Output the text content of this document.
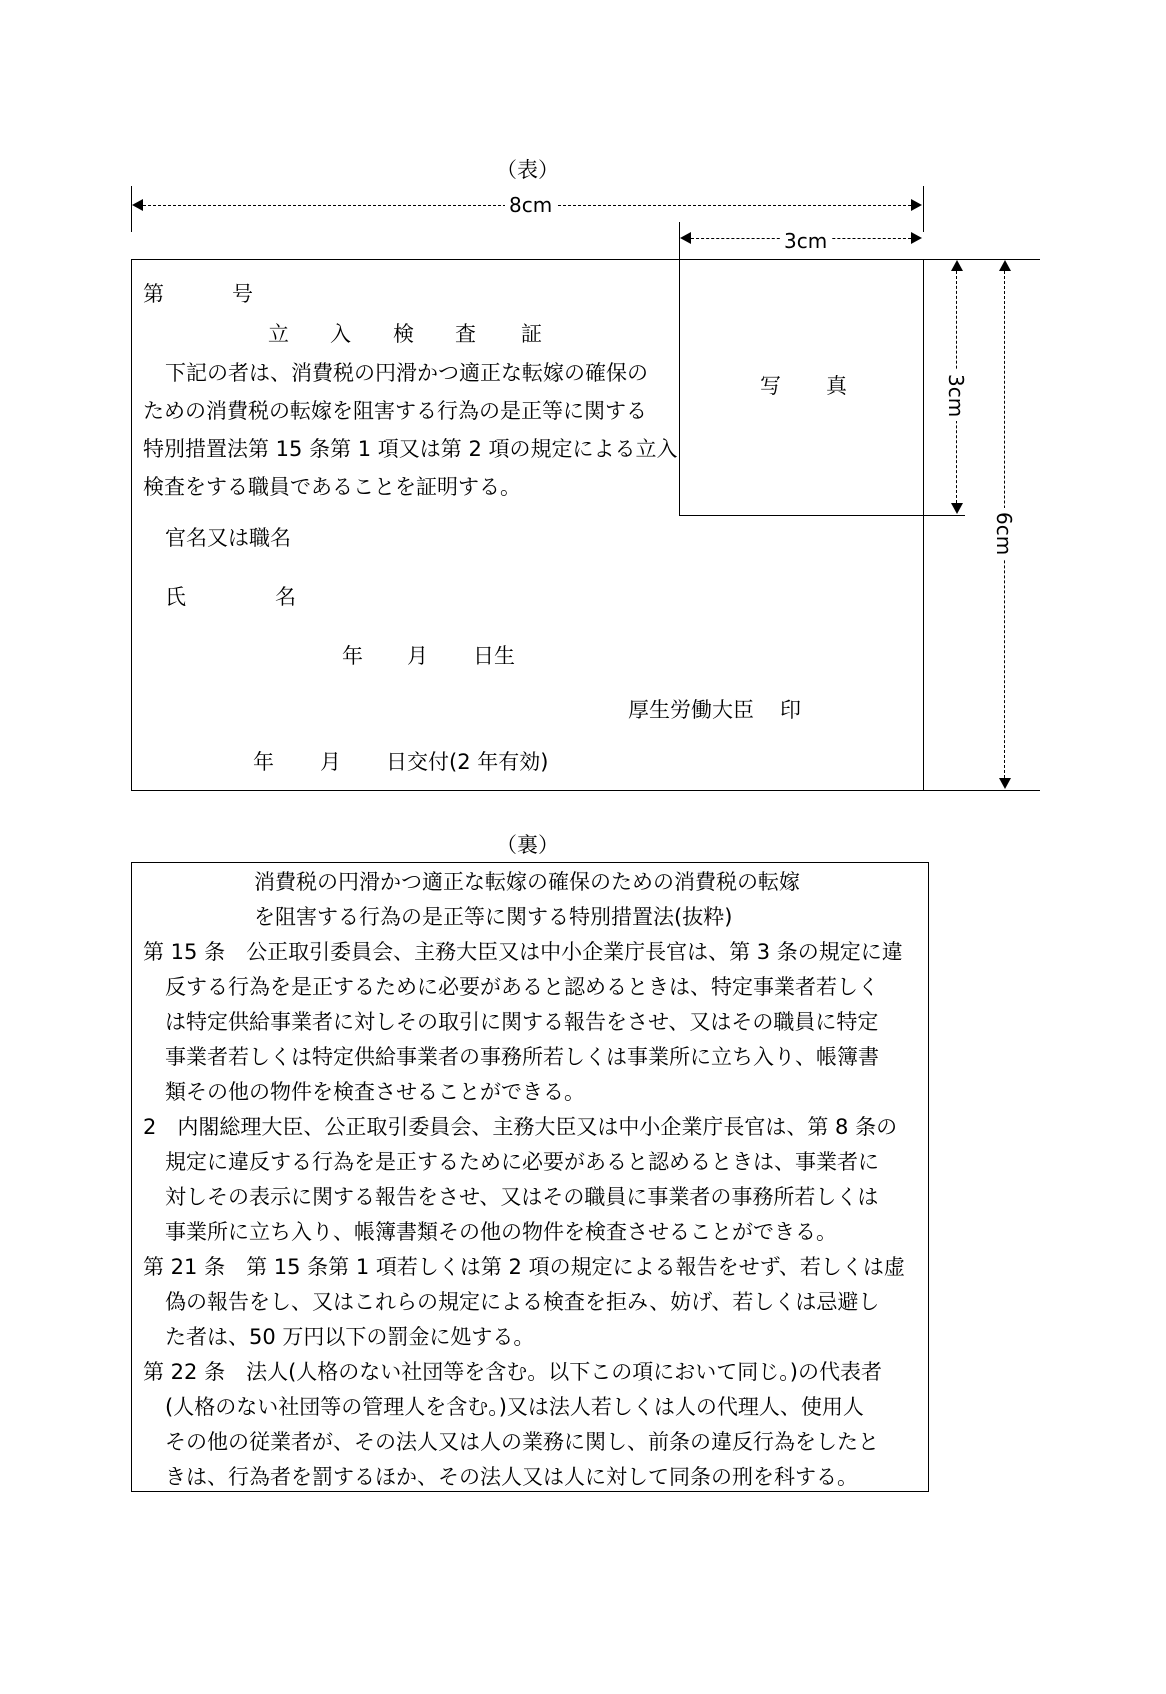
（表）
8cm
3cm
写 真	3cm
6cm
第	号
立 入 検 査 証
下記の者は、消費税の円滑かつ適正な転嫁の確保の
ための消費税の転嫁を阻害する行為の是正等に関する
特別措置法第 15 条第 1 項又は第 2 項の規定による立入
検査をする職員であることを証明する。
官名又は職名
氏	名
年 月 日生
厚生労働大臣 印
年 月 日交付(2 年有効)
（裏）
消費税の円滑かつ適正な転嫁の確保のための消費税の転嫁
を阻害する行為の是正等に関する特別措置法(抜粋)
第 15 条　公正取引委員会、主務大臣又は中小企業庁長官は、第 3 条の規定に違
反する行為を是正するために必要があると認めるときは、特定事業者若しく
は特定供給事業者に対しその取引に関する報告をさせ、又はその職員に特定
事業者若しくは特定供給事業者の事務所若しくは事業所に立ち入り、帳簿書
類その他の物件を検査させることができる。
2　内閣総理大臣、公正取引委員会、主務大臣又は中小企業庁長官は、第 8 条の
規定に違反する行為を是正するために必要があると認めるときは、事業者に
対しその表示に関する報告をさせ、又はその職員に事業者の事務所若しくは
事業所に立ち入り、帳簿書類その他の物件を検査させることができる。
第 21 条　第 15 条第 1 項若しくは第 2 項の規定による報告をせず、若しくは虚
偽の報告をし、又はこれらの規定による検査を拒み、妨げ、若しくは忌避し
た者は、50 万円以下の罰金に処する。
第 22 条　法人(人格のない社団等を含む。以下この項において同じ。)の代表者
(人格のない社団等の管理人を含む。)又は法人若しくは人の代理人、使用人
その他の従業者が、その法人又は人の業務に関し、前条の違反行為をしたと
きは、行為者を罰するほか、その法人又は人に対して同条の刑を科する。
